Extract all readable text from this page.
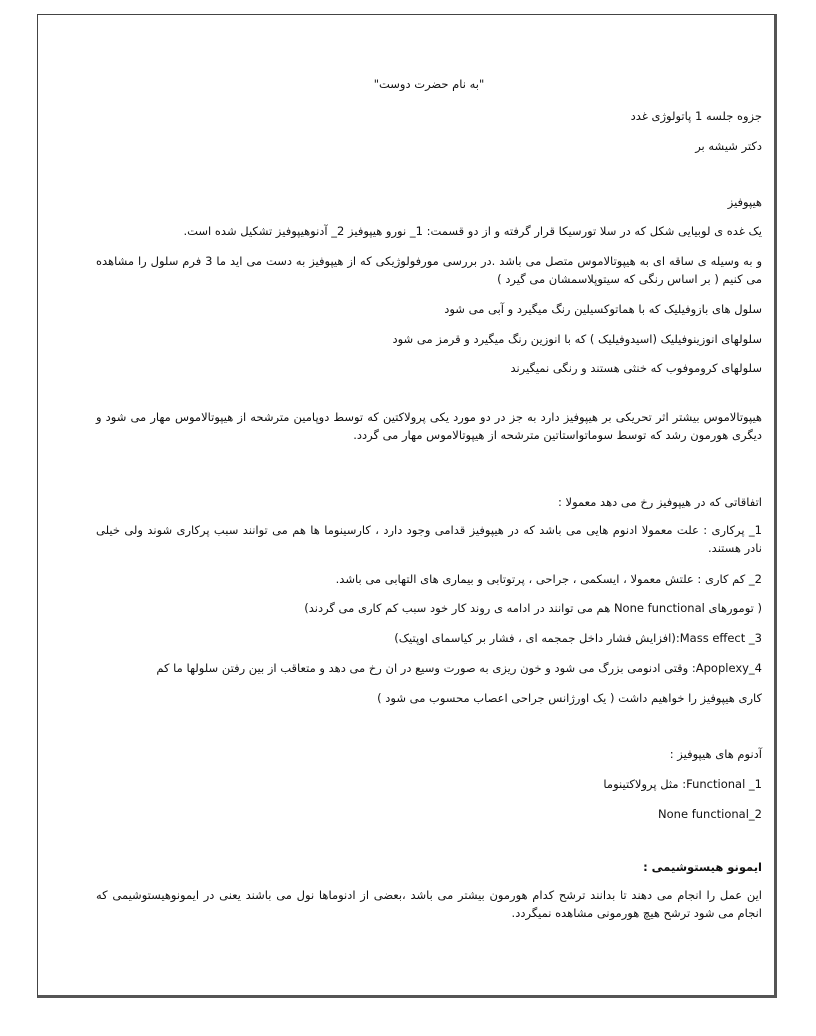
"به نام حضرت دوست"
جزوه جلسه 1 پاتولوژی غدد
دکتر شیشه بر
هیپوفیز
یک غده ی لوبیایی شکل که در سلا تورسیکا قرار گرفته و از دو قسمت: 1_ نورو هیپوفیز 2_ آدنوهیپوفیز تشکیل شده است.
و به وسیله ی ساقه ای به هیپوتالاموس متصل می باشد .در بررسی مورفولوژیکی که از هیپوفیز به دست می اید ما 3 فرم سلول را مشاهده می کنیم ( بر اساس رنگی که سیتوپلاسمشان می گیرد )
سلول های بازوفیلیک که با هماتوکسیلین رنگ میگیرد و آبی می شود
سلولهای انوزینوفیلیک (اسیدوفیلیک ) که با انوزین رنگ میگیرد و قرمز می شود
سلولهای کروموفوب که خنثی هستند و رنگی نمیگیرند
هیپوتالاموس بیشتر اثر تحریکی بر هیپوفیز دارد به جز در دو مورد یکی پرولاکتین که توسط دوپامین مترشحه از هیپوتالاموس مهار می شود و دیگری هورمون رشد که توسط سوماتواستاتین مترشحه از هیپوتالاموس مهار می گردد.
اتفاقاتی که در هیپوفیز رخ می دهد معمولا :
1_ پرکاری : علت معمولا ادنوم هایی می باشد که در هیپوفیز قدامی وجود دارد ، کارسینوما ها هم می توانند سبب پرکاری شوند ولی خیلی نادر هستند.
2_ کم کاری : علتش معمولا ، ایسکمی ، جراحی ، پرتوتابی و بیماری های التهابی می باشد.
( تومورهای None functional هم می توانند در ادامه ی روند کار خود سبب کم کاری می گردند)
Mass effect _3:(افزایش فشار داخل جمجمه ای ، فشار بر کیاسمای اوپتیک)
Apoplexy_4: وقتی ادنومی بزرگ می شود و خون ریزی به صورت وسیع در ان رخ می دهد و متعاقب از بین رفتن سلولها ما کم
کاری هیپوفیز را خواهیم داشت ( یک اورژانس جراحی اعصاب محسوب می شود )
آدنوم های هیپوفیز :
Functional _1: مثل پرولاکتینوما
None functional_2
ایمونو هیستوشیمی :
این عمل را انجام می دهند تا بدانند ترشح کدام هورمون بیشتر می باشد ،بعضی از ادنوماها نول می باشند یعنی در ایمونوهیستوشیمی که انجام می شود ترشح هیچ هورمونی مشاهده نمیگردد.
